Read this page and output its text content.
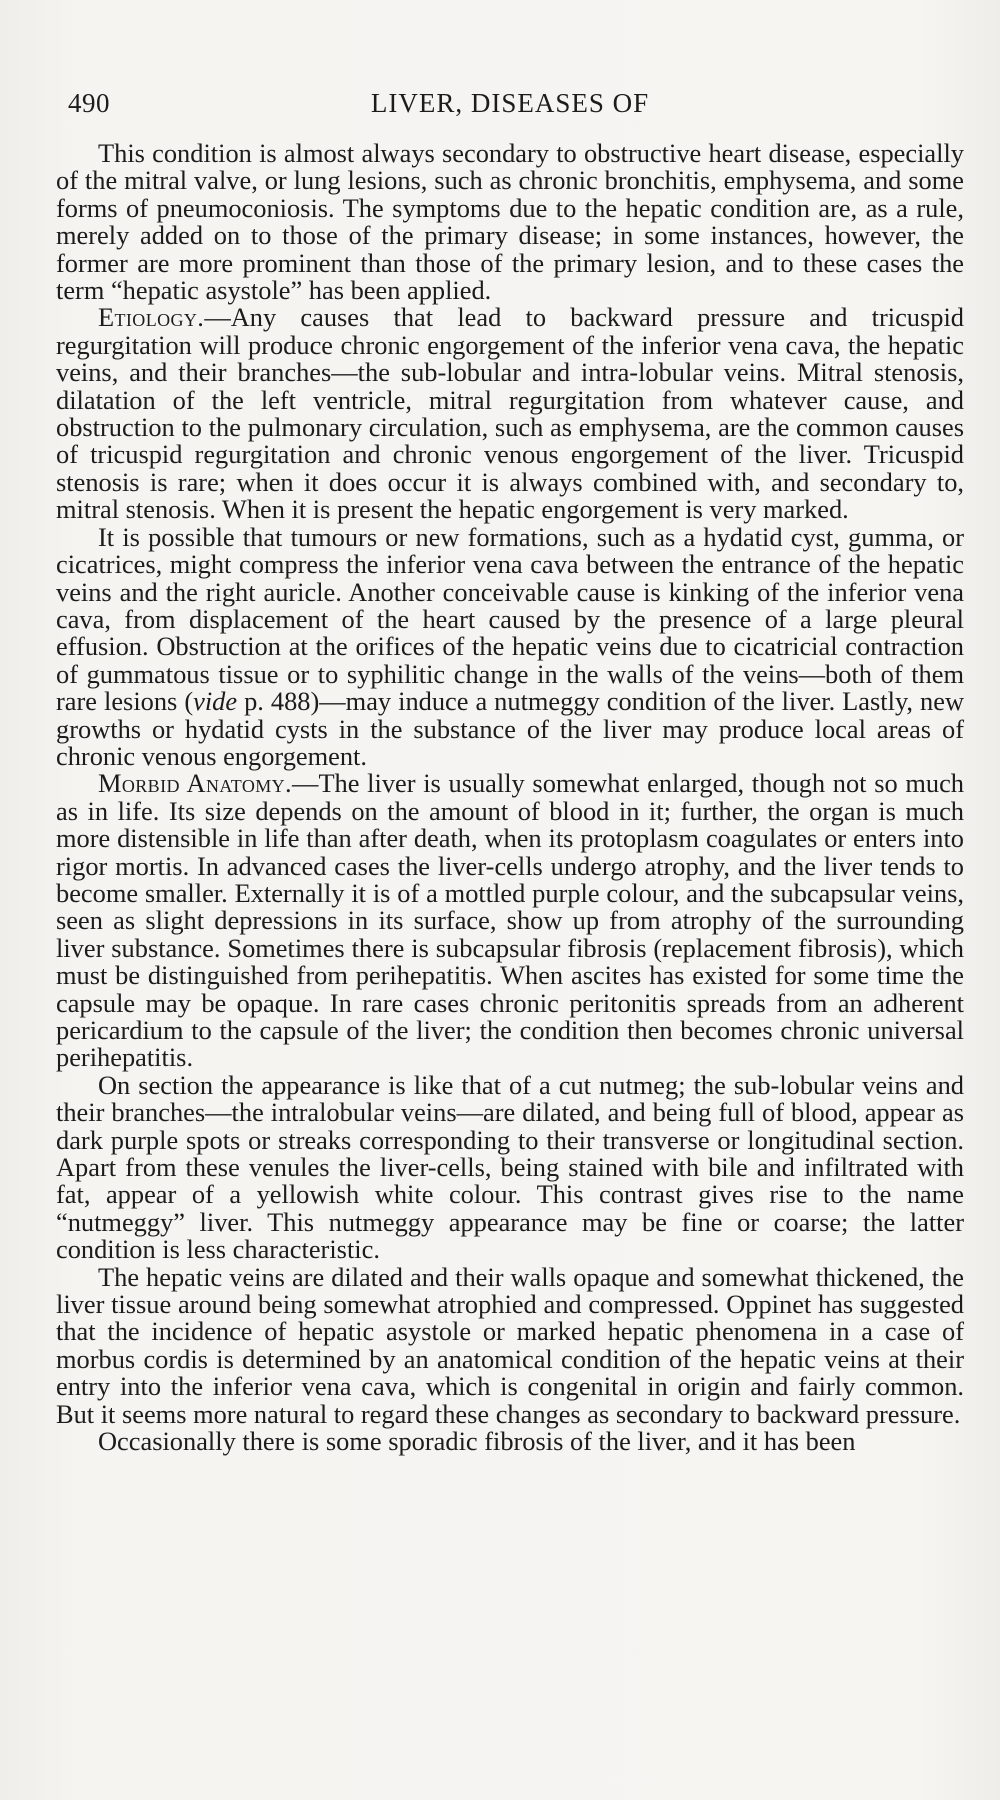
490	LIVER, DISEASES OF

This condition is almost always secondary to obstructive heart disease, especially of the mitral valve, or lung lesions, such as chronic bronchitis, emphysema, and some forms of pneumoconiosis. The symptoms due to the hepatic condition are, as a rule, merely added on to those of the primary disease; in some instances, however, the former are more prominent than those of the primary lesion, and to these cases the term “hepatic asystole” has been applied.

Etiology.—Any causes that lead to backward pressure and tricuspid regurgitation will produce chronic engorgement of the inferior vena cava, the hepatic veins, and their branches—the sub-lobular and intra-lobular veins. Mitral stenosis, dilatation of the left ventricle, mitral regurgitation from whatever cause, and obstruction to the pulmonary circulation, such as emphysema, are the common causes of tricuspid regurgitation and chronic venous engorgement of the liver. Tricuspid stenosis is rare; when it does occur it is always combined with, and secondary to, mitral stenosis. When it is present the hepatic engorgement is very marked.

It is possible that tumours or new formations, such as a hydatid cyst, gumma, or cicatrices, might compress the inferior vena cava between the entrance of the hepatic veins and the right auricle. Another conceivable cause is kinking of the inferior vena cava, from displacement of the heart caused by the presence of a large pleural effusion. Obstruction at the orifices of the hepatic veins due to cicatricial contraction of gummatous tissue or to syphilitic change in the walls of the veins—both of them rare lesions (vide p. 488)—may induce a nutmeggy condition of the liver. Lastly, new growths or hydatid cysts in the substance of the liver may produce local areas of chronic venous engorgement.

Morbid Anatomy.—The liver is usually somewhat enlarged, though not so much as in life. Its size depends on the amount of blood in it; further, the organ is much more distensible in life than after death, when its protoplasm coagulates or enters into rigor mortis. In advanced cases the liver-cells undergo atrophy, and the liver tends to become smaller. Externally it is of a mottled purple colour, and the subcapsular veins, seen as slight depressions in its surface, show up from atrophy of the surrounding liver substance. Sometimes there is subcapsular fibrosis (replacement fibrosis), which must be distinguished from perihepatitis. When ascites has existed for some time the capsule may be opaque. In rare cases chronic peritonitis spreads from an adherent pericardium to the capsule of the liver; the condition then becomes chronic universal perihepatitis.

On section the appearance is like that of a cut nutmeg; the sub-lobular veins and their branches—the intralobular veins—are dilated, and being full of blood, appear as dark purple spots or streaks corresponding to their transverse or longitudinal section. Apart from these venules the liver-cells, being stained with bile and infiltrated with fat, appear of a yellowish white colour. This contrast gives rise to the name “nutmeggy” liver. This nutmeggy appearance may be fine or coarse; the latter condition is less characteristic.

The hepatic veins are dilated and their walls opaque and somewhat thickened, the liver tissue around being somewhat atrophied and compressed. Oppinet has suggested that the incidence of hepatic asystole or marked hepatic phenomena in a case of morbus cordis is determined by an anatomical condition of the hepatic veins at their entry into the inferior vena cava, which is congenital in origin and fairly common. But it seems more natural to regard these changes as secondary to backward pressure.

Occasionally there is some sporadic fibrosis of the liver, and it has been
